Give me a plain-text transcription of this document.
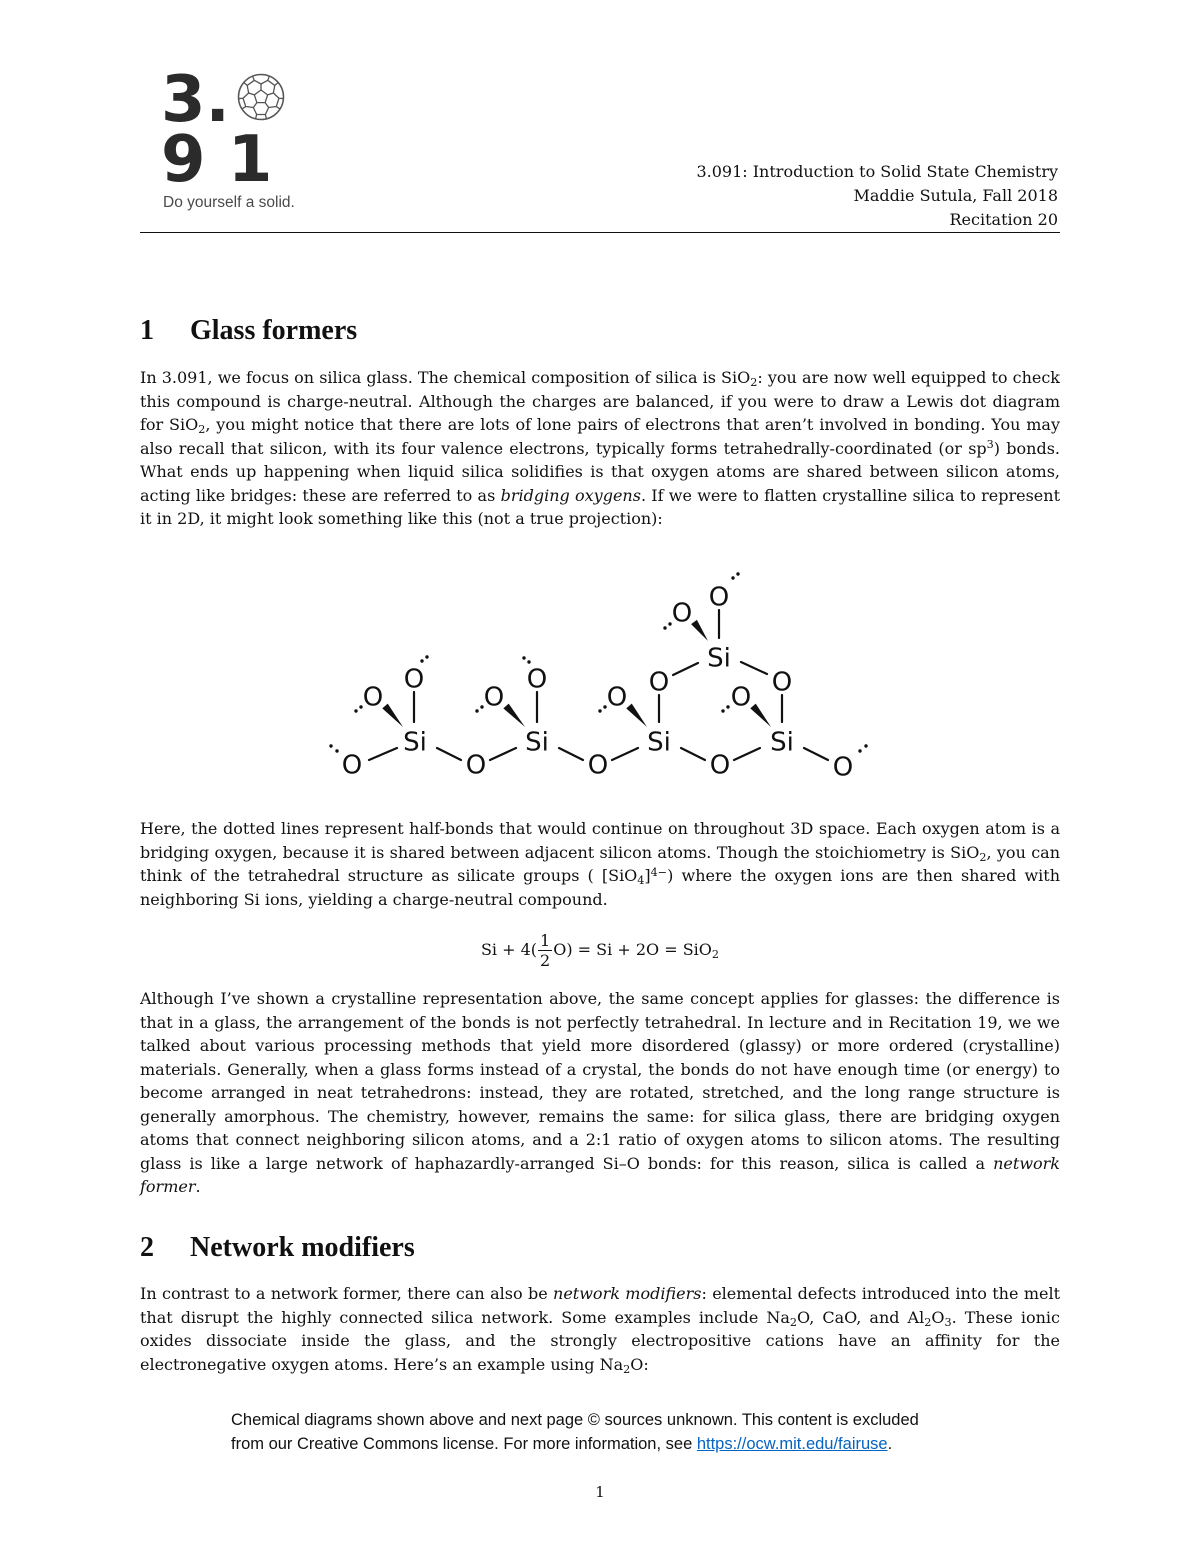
3.
9 1
Do yourself a solid.
3.091: Introduction to Solid State Chemistry
Maddie Sutula, Fall 2018
Recitation 20
1 Glass formers

In 3.091, we focus on silica glass. The chemical composition of silica is SiO$_2$: you are now well equipped to check this compound is charge-neutral. Although the charges are balanced, if you were to draw a Lewis dot diagram for SiO$_2$, you might notice that there are lots of lone pairs of electrons that aren’t involved in bonding. You may also recall that silicon, with its four valence electrons, typically forms tetrahedrally-coordinated (or $sp^3$) bonds. What ends up happening when liquid silica solidifies is that oxygen atoms are shared between silicon atoms, acting like bridges: these are referred to as bridging oxygens. If we were to flatten crystalline silica to represent it in 2D, it might look something like this (not a true projection):

O	O	O	O	O
Si	Si	Si	Si
Si
O	O	O	O
O
O	O	O	O
O

Here, the dotted lines represent half-bonds that would continue on throughout 3D space. Each oxygen atom is a bridging oxygen, because it is shared between adjacent silicon atoms. Though the stoichiometry is SiO$_2$, you can think of the tetrahedral structure as silicate groups ( $[SiO_4]^{4-}$) where the oxygen ions are then shared with neighboring Si ions, yielding a charge-neutral compound.

$Si + 4( \frac{1}{2} O) = Si + 2O = SiO_2$

Although I’ve shown a crystalline representation above, the same concept applies for glasses: the difference is that in a glass, the arrangement of the bonds is not perfectly tetrahedral. In lecture and in Recitation 19, we we talked about various processing methods that yield more disordered (glassy) or more ordered (crystalline) materials. Generally, when a glass forms instead of a crystal, the bonds do not have enough time (or energy) to become arranged in neat tetrahedrons: instead, they are rotated, stretched, and the long range structure is generally amorphous. The chemistry, however, remains the same: for silica glass, there are bridging oxygen atoms that connect neighboring silicon atoms, and a 2:1 ratio of oxygen atoms to silicon atoms. The resulting glass is like a large network of haphazardly-arranged Si–O bonds: for this reason, silica is called a network former.

2 Network modifiers

In contrast to a network former, there can also be network modifiers: elemental defects introduced into the melt that disrupt the highly connected silica network. Some examples include $Na_2O$, CaO, and $Al_2O_3$. These ionic oxides dissociate inside the glass, and the strongly electropositive cations have an affinity for the electronegative oxygen atoms. Here’s an example using $Na_2O$:

Chemical diagrams shown above and next page © sources unknown. This content is excluded
from our Creative Commons license. For more information, see https://ocw.mit.edu/fairuse.
1
